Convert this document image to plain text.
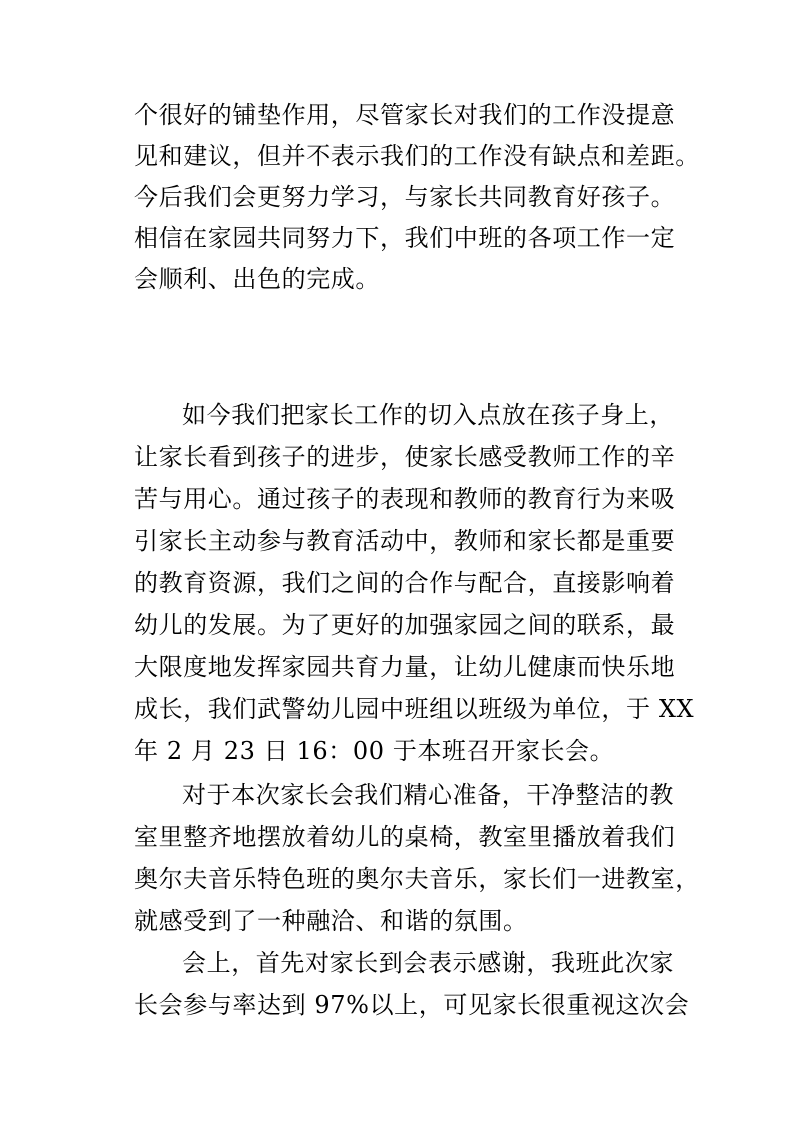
个很好的铺垫作用，尽管家长对我们的工作没提意
见和建议，但并不表示我们的工作没有缺点和差距。
今后我们会更努力学习，与家长共同教育好孩子。
相信在家园共同努力下，我们中班的各项工作一定
会顺利、出色的完成。
如今我们把家长工作的切入点放在孩子身上，
让家长看到孩子的进步，使家长感受教师工作的辛
苦与用心。通过孩子的表现和教师的教育行为来吸
引家长主动参与教育活动中，教师和家长都是重要
的教育资源，我们之间的合作与配合，直接影响着
幼儿的发展。为了更好的加强家园之间的联系，最
大限度地发挥家园共育力量，让幼儿健康而快乐地
成长，我们武警幼儿园中班组以班级为单位，于 XX
年 2 月 23 日 16：00 于本班召开家长会。
对于本次家长会我们精心准备，干净整洁的教
室里整齐地摆放着幼儿的桌椅，教室里播放着我们
奥尔夫音乐特色班的奥尔夫音乐，家长们一进教室，
就感受到了一种融洽、和谐的氛围。
会上，首先对家长到会表示感谢，我班此次家
长会参与率达到 97%以上，可见家长很重视这次会
